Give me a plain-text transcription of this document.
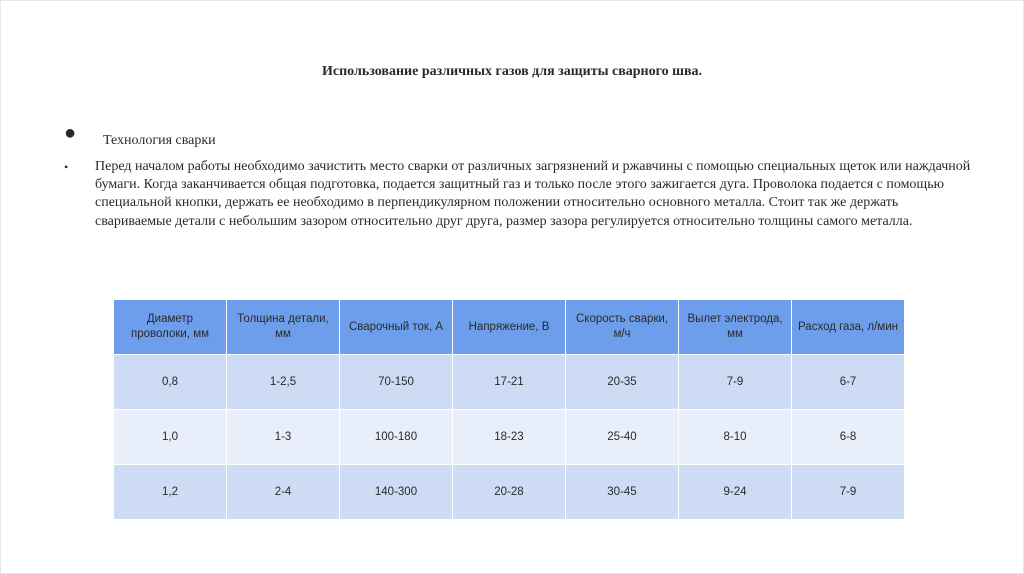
Использование различных газов для защиты сварного шва.
● Технология сварки
• Перед началом работы необходимо зачистить место сварки от различных загрязнений и ржавчины с помощью специальных щеток или наждачной бумаги. Когда заканчивается общая подготовка, подается защитный газ и только после этого зажигается дуга. Проволока подается с помощью специальной кнопки, держать ее необходимо в перпендикулярном положении относительно основного металла. Стоит так же держать свариваемые детали с небольшим зазором относительно друг друга, размер зазора регулируется относительно толщины самого металла.
Диаметр проволоки, мм	Толщина детали, мм	Сварочный ток, А	Напряжение, В	Скорость сварки, м/ч	Вылет электрода, мм	Расход газа, л/мин
0,8	1-2,5	70-150	17-21	20-35	7-9	6-7
1,0	1-3	100-180	18-23	25-40	8-10	6-8
1,2	2-4	140-300	20-28	30-45	9-24	7-9
